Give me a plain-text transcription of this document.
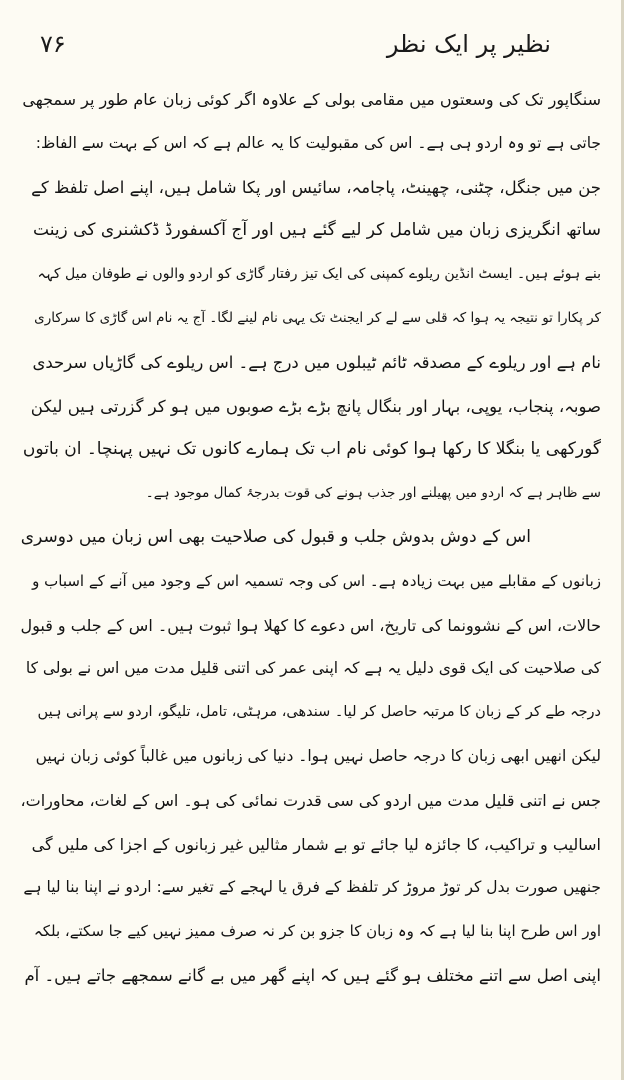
نظیر پر ایک نظر
۷۶
سنگاپور تک کی وسعتوں میں مقامی بولی کے علاوہ اگر کوئی زبان عام طور پر سمجھی
جاتی ہے تو وہ اردو ہی ہے۔ اس کی مقبولیت کا یہ عالم ہے کہ اس کے بہت سے الفاظ:
جن میں جنگل، چٹنی، چھینٹ، پاجامہ، سائیس اور پکا شامل ہیں، اپنے اصل تلفظ کے
ساتھ انگریزی زبان میں شامل کر لیے گئے ہیں اور آج آکسفورڈ ڈکشنری کی زینت
بنے ہوئے ہیں۔ ایسٹ انڈین ریلوے کمپنی کی ایک تیز رفتار گاڑی کو اردو والوں نے طوفان میل کہہ
کر پکارا تو نتیجہ یہ ہوا کہ قلی سے لے کر ایجنٹ تک یہی نام لینے لگا۔ آج یہ نام اس گاڑی کا سرکاری
نام ہے اور ریلوے کے مصدقہ ٹائم ٹیبلوں میں درج ہے۔ اس ریلوے کی گاڑیاں سرحدی
صوبہ، پنجاب، یوپی، بہار اور بنگال پانچ بڑے بڑے صوبوں میں ہو کر گزرتی ہیں لیکن
گورکھی یا بنگلا کا رکھا ہوا کوئی نام اب تک ہمارے کانوں تک نہیں پہنچا۔ ان باتوں
سے ظاہر ہے کہ اردو میں پھیلنے اور جذب ہونے کی قوت بدرجۂ کمال موجود ہے۔
اس کے دوش بدوش جلب و قبول کی صلاحیت بھی اس زبان میں دوسری
زبانوں کے مقابلے میں بہت زیادہ ہے۔ اس کی وجہ تسمیہ اس کے وجود میں آنے کے اسباب و
حالات، اس کے نشوونما کی تاریخ، اس دعوے کا کھلا ہوا ثبوت ہیں۔ اس کے جلب و قبول
کی صلاحیت کی ایک قوی دلیل یہ ہے کہ اپنی عمر کی اتنی قلیل مدت میں اس نے بولی کا
درجہ طے کر کے زبان کا مرتبہ حاصل کر لیا۔ سندھی، مرہٹی، تامل، تلیگو، اردو سے پرانی ہیں
لیکن انھیں ابھی زبان کا درجہ حاصل نہیں ہوا۔ دنیا کی زبانوں میں غالباً کوئی زبان نہیں
جس نے اتنی قلیل مدت میں اردو کی سی قدرت نمائی کی ہو۔ اس کے لغات، محاورات،
اسالیب و تراکیب، کا جائزہ لیا جائے تو بے شمار مثالیں غیر زبانوں کے اجزا کی ملیں گی
جنھیں صورت بدل کر توڑ مروڑ کر تلفظ کے فرق یا لہجے کے تغیر سے: اردو نے اپنا بنا لیا ہے
اور اس طرح اپنا بنا لیا ہے کہ وہ زبان کا جزو بن کر نہ صرف ممیز نہیں کیے جا سکتے، بلکہ
اپنی اصل سے اتنے مختلف ہو گئے ہیں کہ اپنے گھر میں بے گانے سمجھے جاتے ہیں۔ آم
